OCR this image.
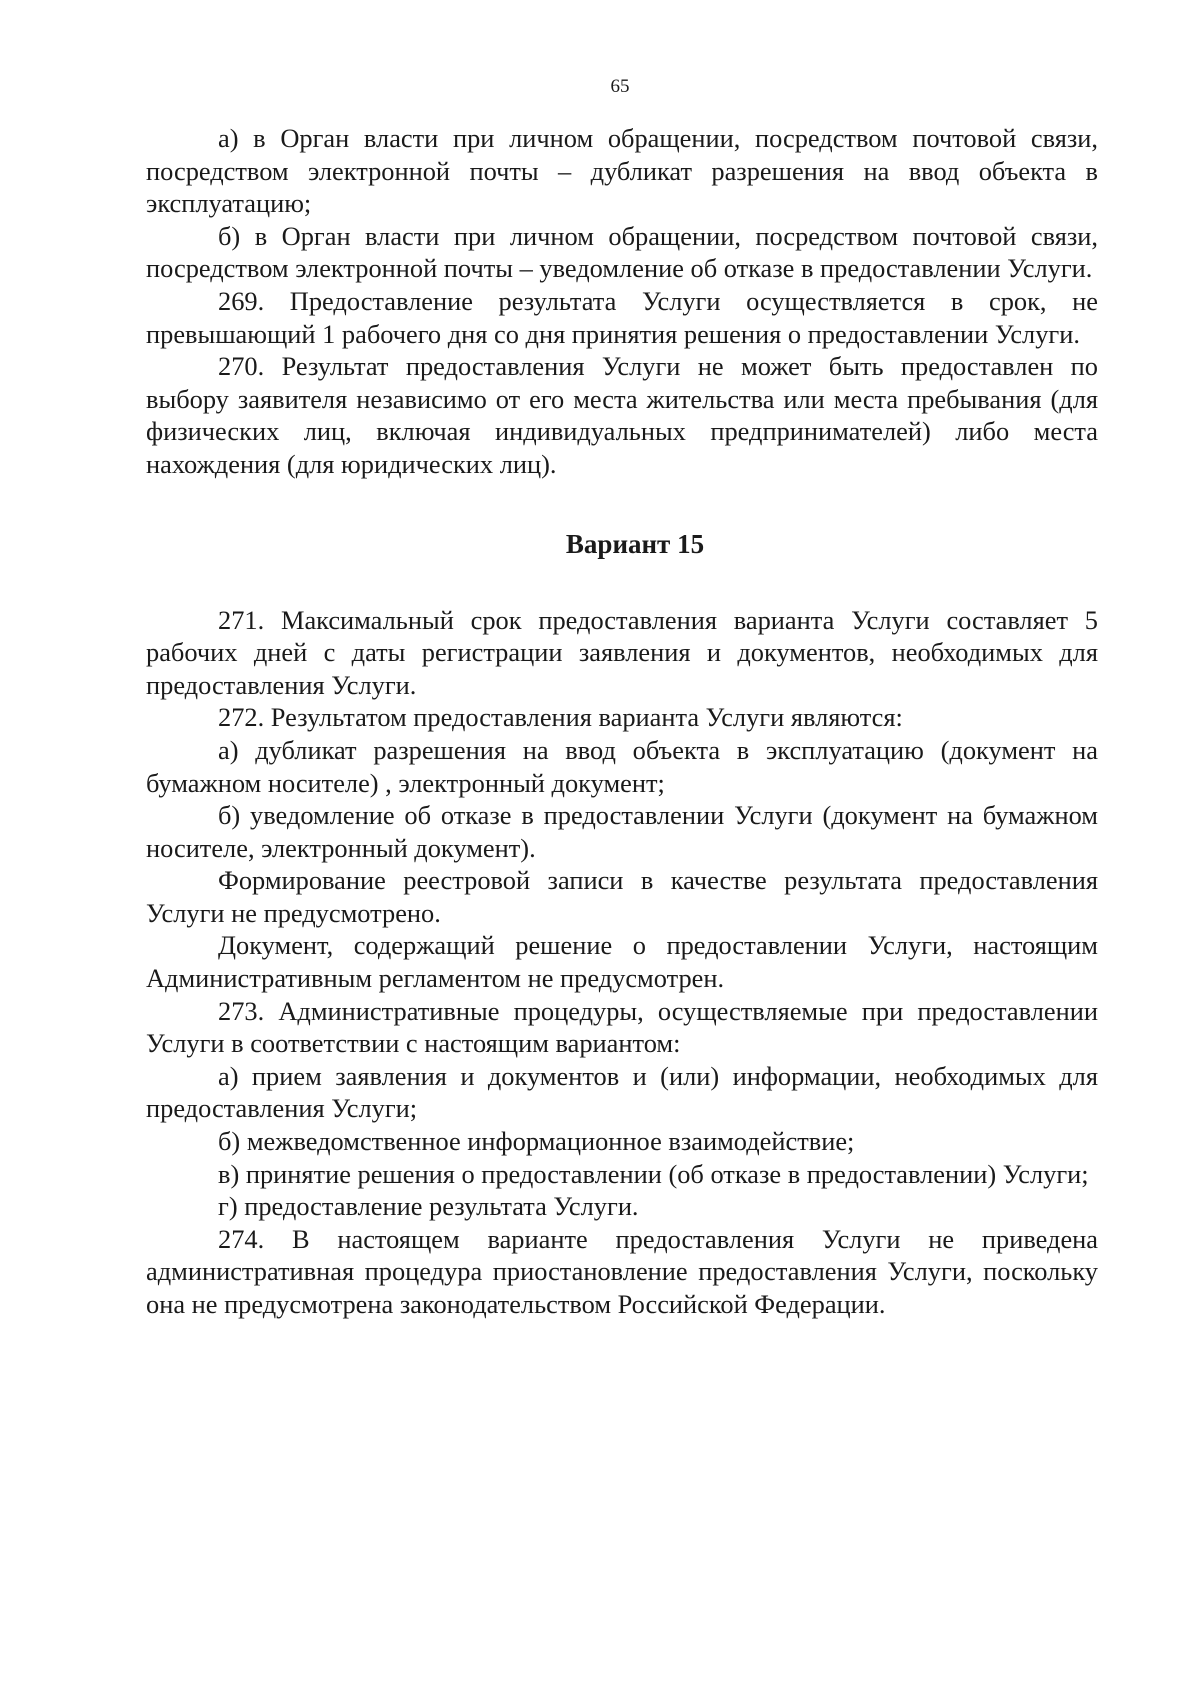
65

а) в Орган власти при личном обращении, посредством почтовой связи, посредством электронной почты – дубликат разрешения на ввод объекта в эксплуатацию;

б) в Орган власти при личном обращении, посредством почтовой связи, посредством электронной почты – уведомление об отказе в предоставлении Услуги.

269. Предоставление результата Услуги осуществляется в срок, не превышающий 1 рабочего дня со дня принятия решения о предоставлении Услуги.

270. Результат предоставления Услуги не может быть предоставлен по выбору заявителя независимо от его места жительства или места пребывания (для физических лиц, включая индивидуальных предпринимателей) либо места нахождения (для юридических лиц).

Вариант 15

271. Максимальный срок предоставления варианта Услуги составляет 5 рабочих дней с даты регистрации заявления и документов, необходимых для предоставления Услуги.

272. Результатом предоставления варианта Услуги являются:

а) дубликат разрешения на ввод объекта в эксплуатацию (документ на бумажном носителе) , электронный документ;

б) уведомление об отказе в предоставлении Услуги (документ на бумажном носителе, электронный документ).

Формирование реестровой записи в качестве результата предоставления Услуги не предусмотрено.

Документ, содержащий решение о предоставлении Услуги, настоящим Административным регламентом не предусмотрен.

273. Административные процедуры, осуществляемые при предоставлении Услуги в соответствии с настоящим вариантом:

а) прием заявления и документов и (или) информации, необходимых для предоставления Услуги;

б) межведомственное информационное взаимодействие;

в) принятие решения о предоставлении (об отказе в предоставлении) Услуги;

г) предоставление результата Услуги.

274. В настоящем варианте предоставления Услуги не приведена административная процедура приостановление предоставления Услуги, поскольку она не предусмотрена законодательством Российской Федерации.
